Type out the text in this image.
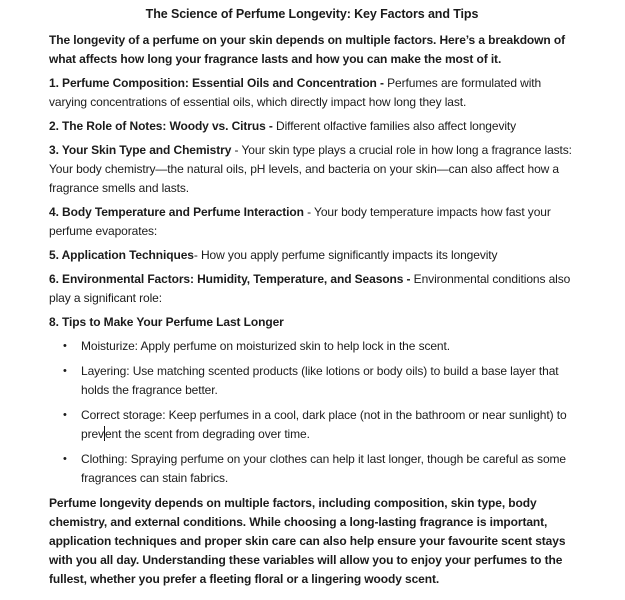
The Science of Perfume Longevity: Key Factors and Tips

The longevity of a perfume on your skin depends on multiple factors. Here’s a breakdown of what affects how long your fragrance lasts and how you can make the most of it.

1. Perfume Composition: Essential Oils and Concentration - Perfumes are formulated with varying concentrations of essential oils, which directly impact how long they last.

2. The Role of Notes: Woody vs. Citrus - Different olfactive families also affect longevity

3. Your Skin Type and Chemistry - Your skin type plays a crucial role in how long a fragrance lasts: Your body chemistry—the natural oils, pH levels, and bacteria on your skin—can also affect how a fragrance smells and lasts.

4. Body Temperature and Perfume Interaction - Your body temperature impacts how fast your perfume evaporates:

5. Application Techniques- How you apply perfume significantly impacts its longevity

6. Environmental Factors: Humidity, Temperature, and Seasons - Environmental conditions also play a significant role:

8. Tips to Make Your Perfume Last Longer

•	Moisturize: Apply perfume on moisturized skin to help lock in the scent.
•	Layering: Use matching scented products (like lotions or body oils) to build a base layer that holds the fragrance better.
•	Correct storage: Keep perfumes in a cool, dark place (not in the bathroom or near sunlight) to prevent the scent from degrading over time.
•	Clothing: Spraying perfume on your clothes can help it last longer, though be careful as some fragrances can stain fabrics.

Perfume longevity depends on multiple factors, including composition, skin type, body chemistry, and external conditions. While choosing a long-lasting fragrance is important, application techniques and proper skin care can also help ensure your favourite scent stays with you all day. Understanding these variables will allow you to enjoy your perfumes to the fullest, whether you prefer a fleeting floral or a lingering woody scent.
